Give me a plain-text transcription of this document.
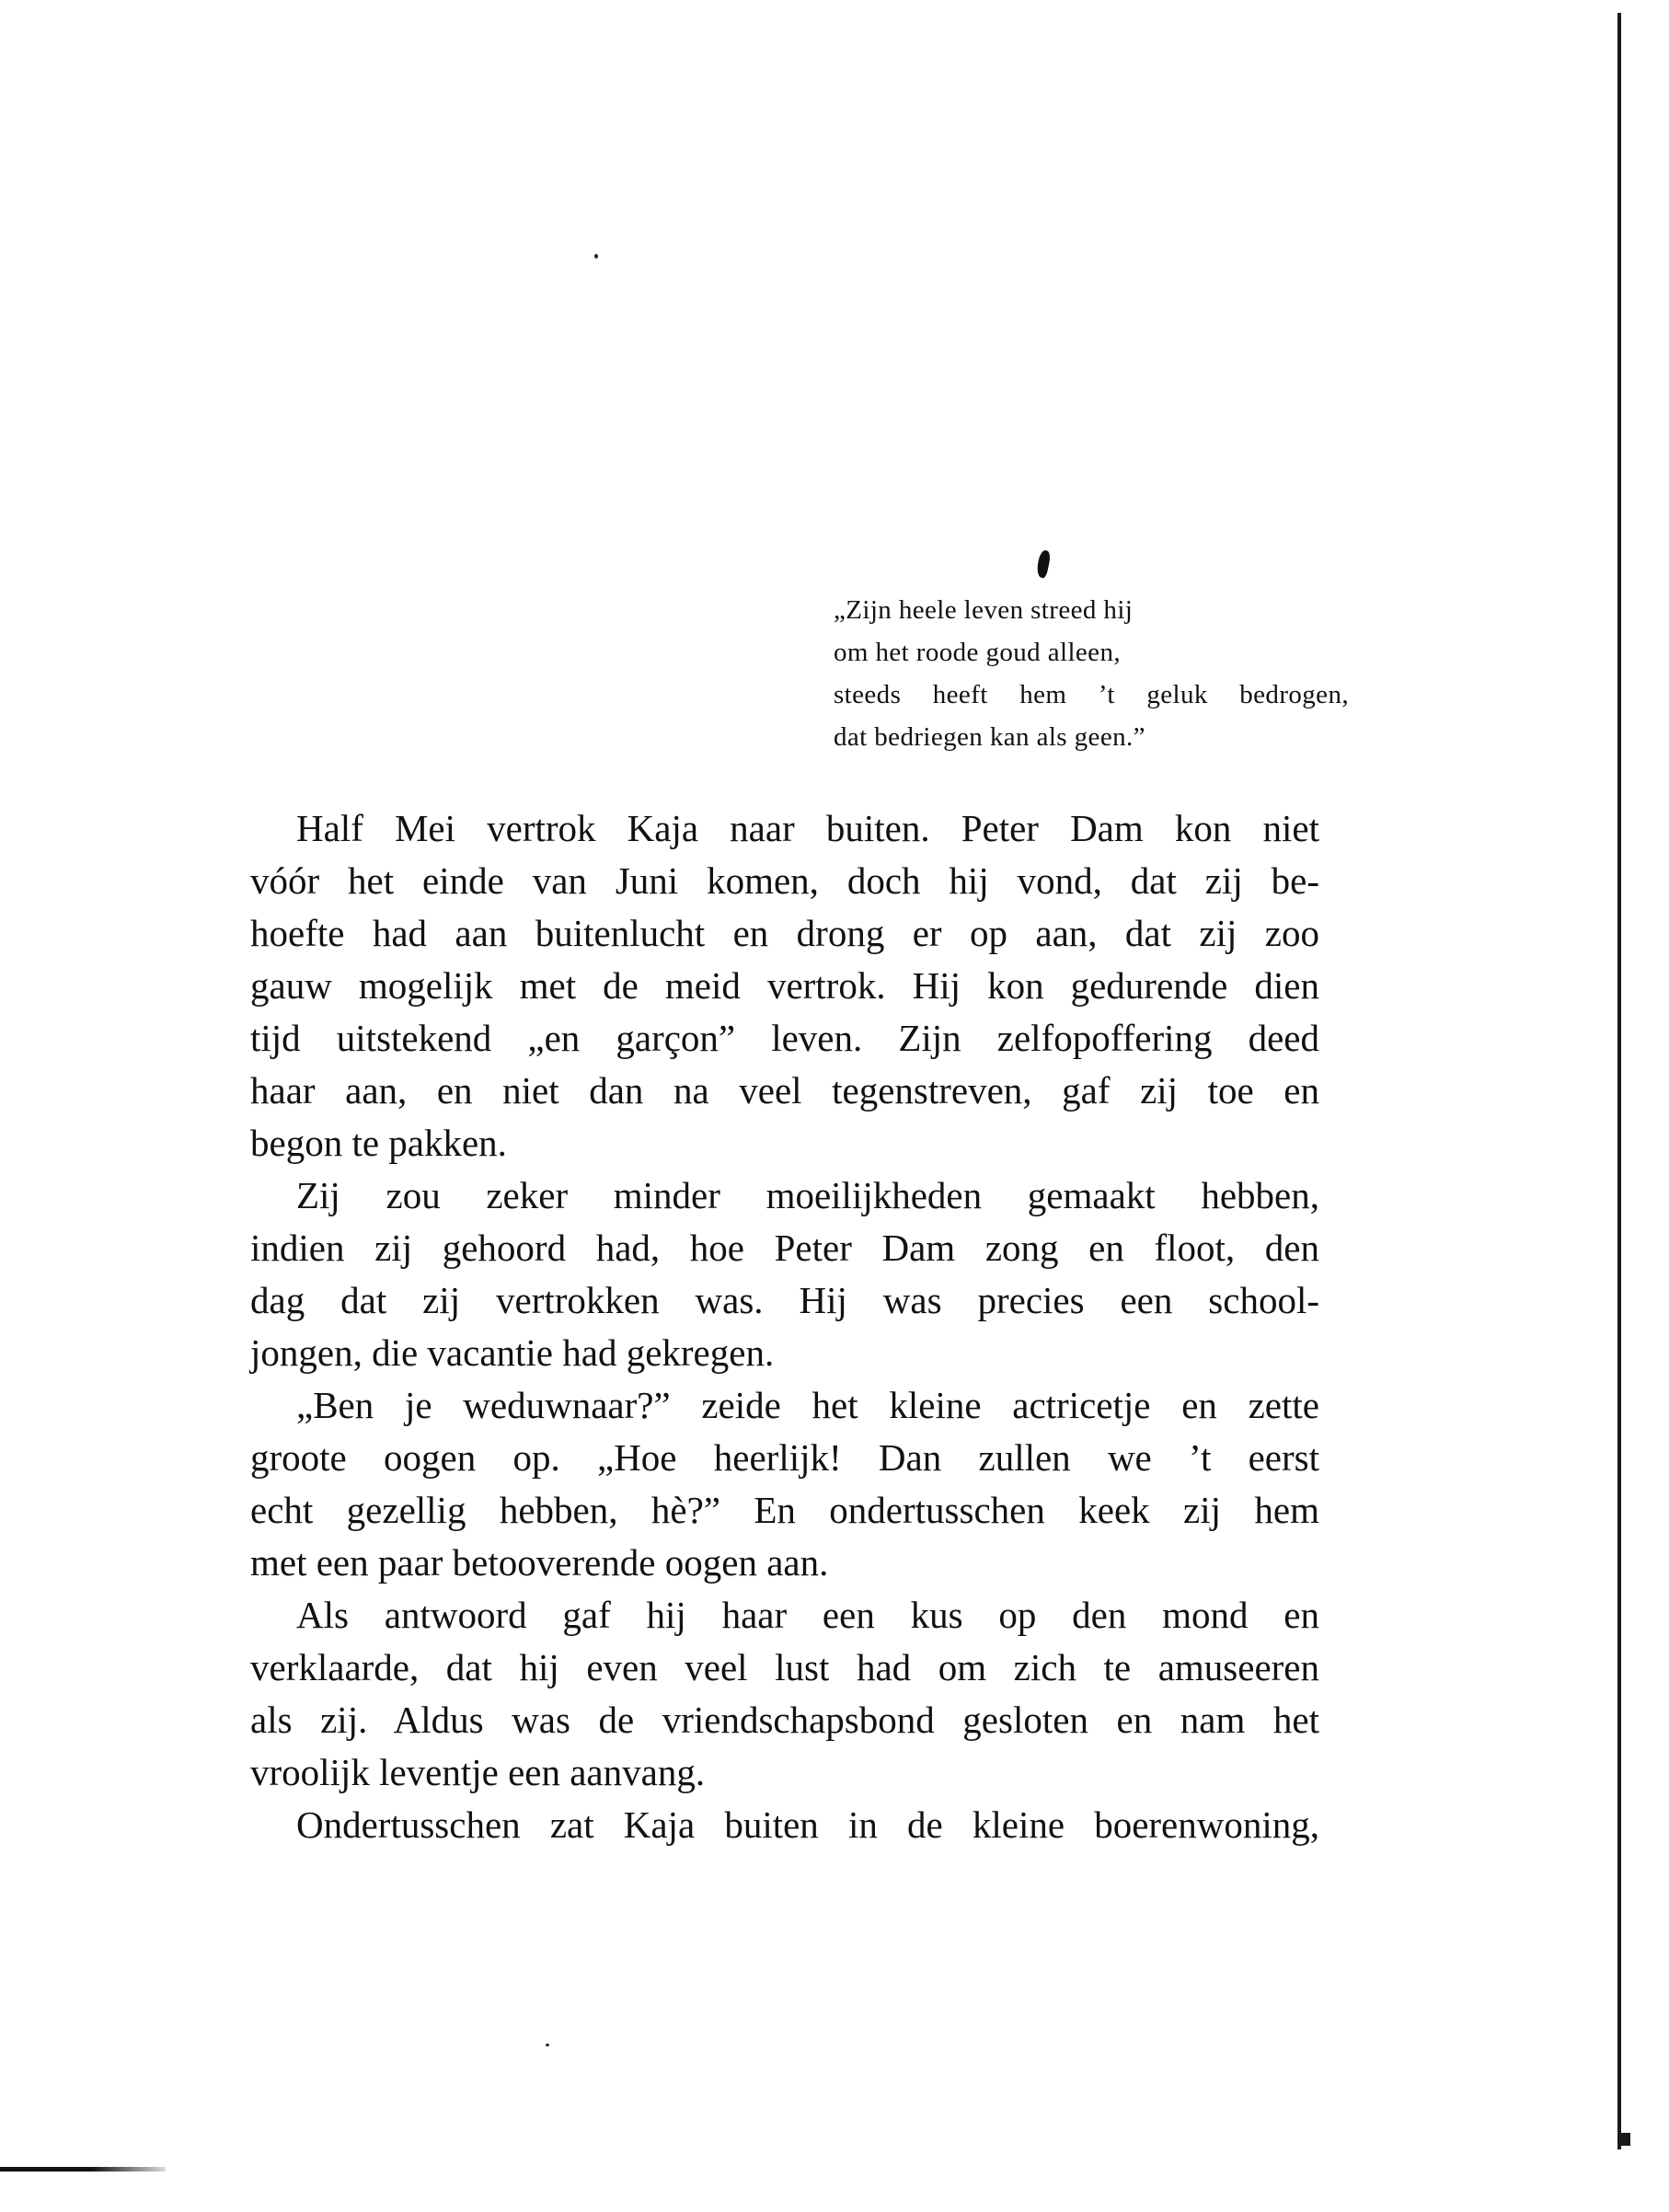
„Zijn heele leven streed hij
om het roode goud alleen,
steeds heeft hem ’t geluk bedrogen,
dat bedriegen kan als geen.”
Half Mei vertrok Kaja naar buiten. Peter Dam kon niet
vóór het einde van Juni komen, doch hij vond, dat zij be-
hoefte had aan buitenlucht en drong er op aan, dat zij zoo
gauw mogelijk met de meid vertrok. Hij kon gedurende dien
tijd uitstekend „en garçon” leven. Zijn zelfopoffering deed
haar aan, en niet dan na veel tegenstreven, gaf zij toe en
begon te pakken.
Zij zou zeker minder moeilijkheden gemaakt hebben,
indien zij gehoord had, hoe Peter Dam zong en floot, den
dag dat zij vertrokken was. Hij was precies een school-
jongen, die vacantie had gekregen.
„Ben je weduwnaar?” zeide het kleine actricetje en zette
groote oogen op. „Hoe heerlijk! Dan zullen we ’t eerst
echt gezellig hebben, hè?” En ondertusschen keek zij hem
met een paar betooverende oogen aan.
Als antwoord gaf hij haar een kus op den mond en
verklaarde, dat hij even veel lust had om zich te amuseeren
als zij. Aldus was de vriendschapsbond gesloten en nam het
vroolijk leventje een aanvang.
Ondertusschen zat Kaja buiten in de kleine boerenwoning,
